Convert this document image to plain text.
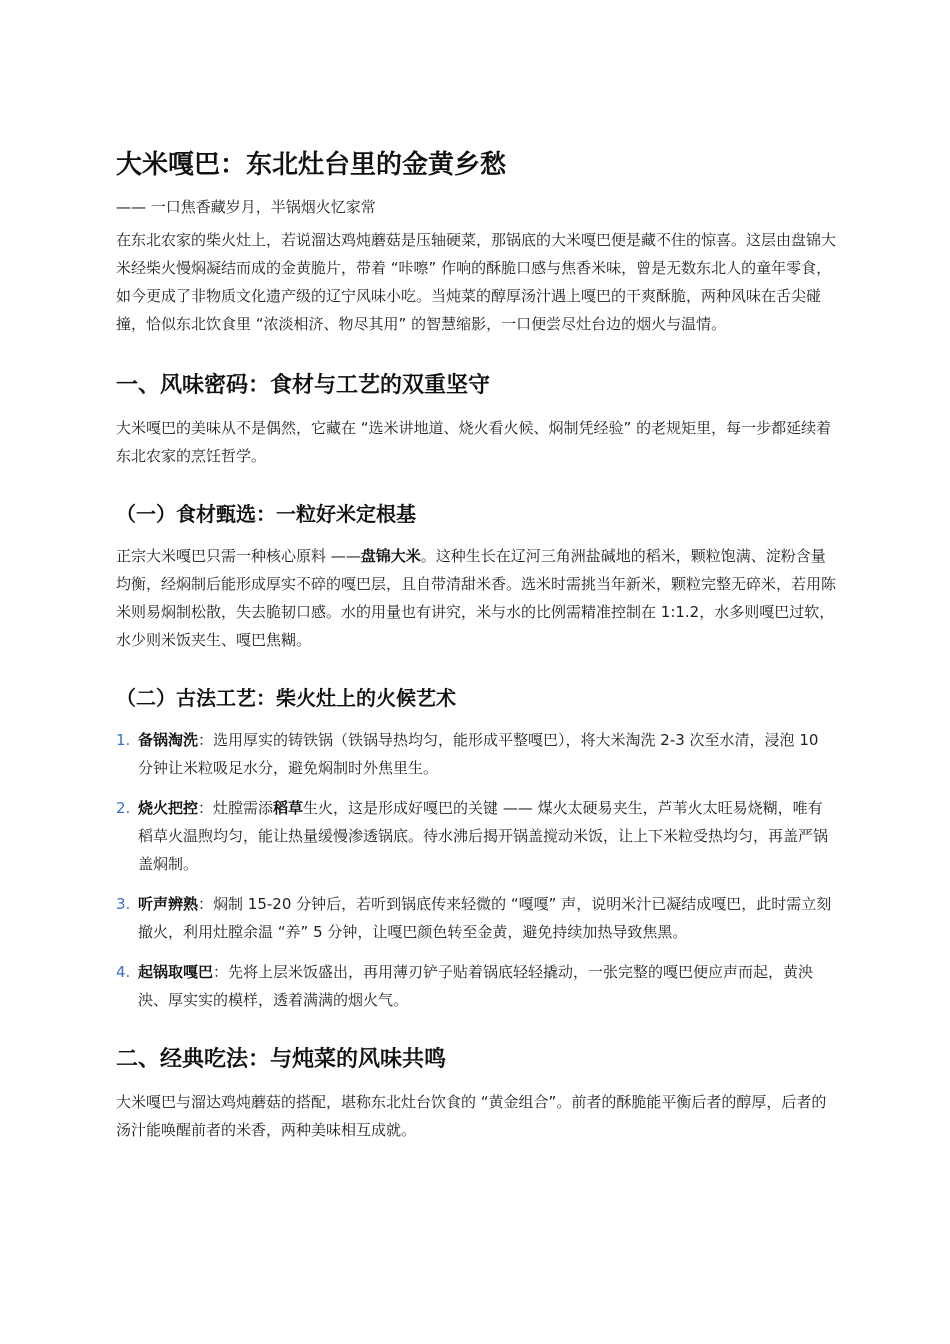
大米嘎巴：东北灶台里的金黄乡愁

—— 一口焦香藏岁月，半锅烟火忆家常

在东北农家的柴火灶上，若说溜达鸡炖蘑菇是压轴硬菜，那锅底的大米嘎巴便是藏不住的惊喜。这层由盘锦大米经柴火慢焖凝结而成的金黄脆片，带着 “咔嚓” 作响的酥脆口感与焦香米味，曾是无数东北人的童年零食，如今更成了非物质文化遗产级的辽宁风味小吃。当炖菜的醇厚汤汁遇上嘎巴的干爽酥脆，两种风味在舌尖碰撞，恰似东北饮食里 “浓淡相济、物尽其用” 的智慧缩影，一口便尝尽灶台边的烟火与温情。

一、风味密码：食材与工艺的双重坚守

大米嘎巴的美味从不是偶然，它藏在 “选米讲地道、烧火看火候、焖制凭经验” 的老规矩里，每一步都延续着东北农家的烹饪哲学。

（一）食材甄选：一粒好米定根基

正宗大米嘎巴只需一种核心原料 ——盘锦大米。这种生长在辽河三角洲盐碱地的稻米，颗粒饱满、淀粉含量均衡，经焖制后能形成厚实不碎的嘎巴层，且自带清甜米香。选米时需挑当年新米，颗粒完整无碎米，若用陈米则易焖制松散，失去脆韧口感。水的用量也有讲究，米与水的比例需精准控制在 1:1.2，水多则嘎巴过软，水少则米饭夹生、嘎巴焦糊。

（二）古法工艺：柴火灶上的火候艺术
1. 备锅淘洗：选用厚实的铸铁锅（铁锅导热均匀，能形成平整嘎巴），将大米淘洗 2-3 次至水清，浸泡 10 分钟让米粒吸足水分，避免焖制时外焦里生。
2. 烧火把控：灶膛需添稻草生火，这是形成好嘎巴的关键 —— 煤火太硬易夹生，芦苇火太旺易烧糊，唯有稻草火温煦均匀，能让热量缓慢渗透锅底。待水沸后揭开锅盖搅动米饭，让上下米粒受热均匀，再盖严锅盖焖制。
3. 听声辨熟：焖制 15-20 分钟后，若听到锅底传来轻微的 “嘎嘎” 声，说明米汁已凝结成嘎巴，此时需立刻撤火，利用灶膛余温 “养” 5 分钟，让嘎巴颜色转至金黄，避免持续加热导致焦黑。
4. 起锅取嘎巴：先将上层米饭盛出，再用薄刃铲子贴着锅底轻轻撬动，一张完整的嘎巴便应声而起，黄泱泱、厚实实的模样，透着满满的烟火气。
二、经典吃法：与炖菜的风味共鸣

大米嘎巴与溜达鸡炖蘑菇的搭配，堪称东北灶台饮食的 “黄金组合”。前者的酥脆能平衡后者的醇厚，后者的汤汁能唤醒前者的米香，两种美味相互成就。
